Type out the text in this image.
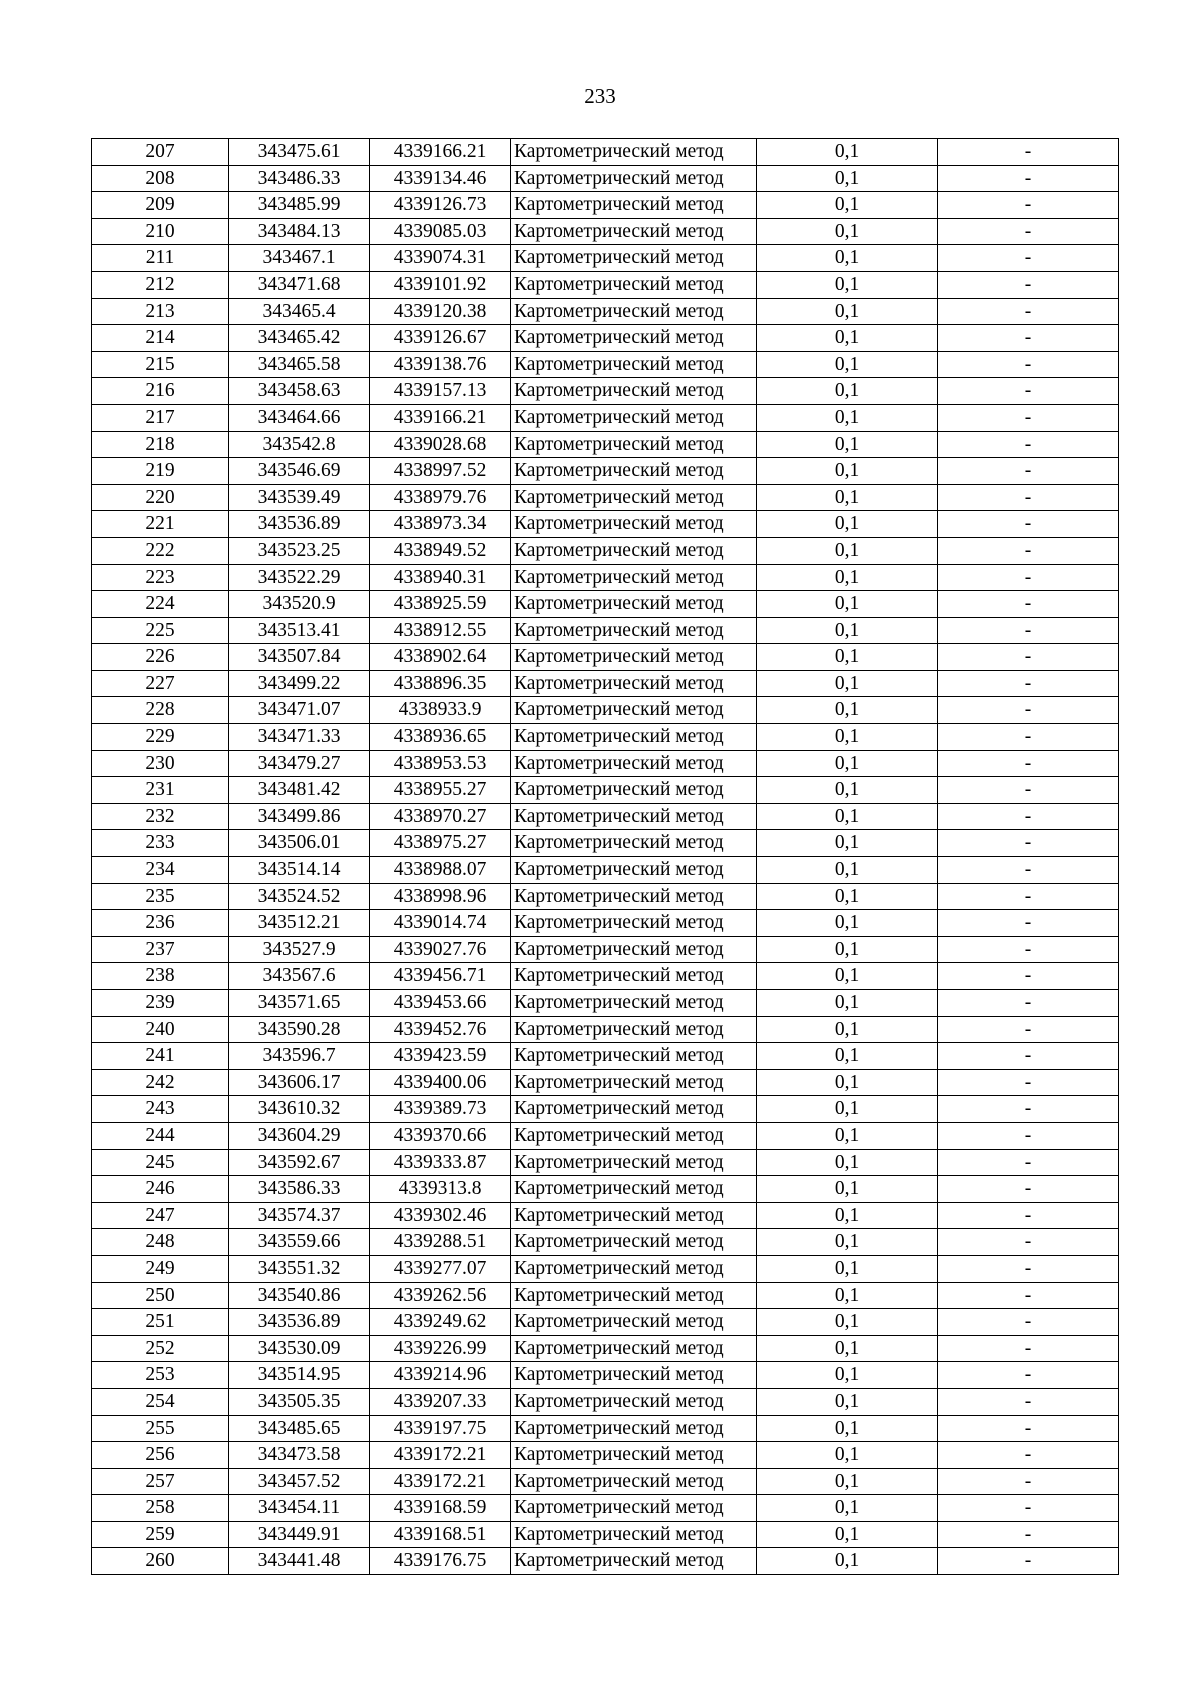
233
207	343475.61	4339166.21	Картометрический метод	0,1	-
208	343486.33	4339134.46	Картометрический метод	0,1	-
209	343485.99	4339126.73	Картометрический метод	0,1	-
210	343484.13	4339085.03	Картометрический метод	0,1	-
211	343467.1	4339074.31	Картометрический метод	0,1	-
212	343471.68	4339101.92	Картометрический метод	0,1	-
213	343465.4	4339120.38	Картометрический метод	0,1	-
214	343465.42	4339126.67	Картометрический метод	0,1	-
215	343465.58	4339138.76	Картометрический метод	0,1	-
216	343458.63	4339157.13	Картометрический метод	0,1	-
217	343464.66	4339166.21	Картометрический метод	0,1	-
218	343542.8	4339028.68	Картометрический метод	0,1	-
219	343546.69	4338997.52	Картометрический метод	0,1	-
220	343539.49	4338979.76	Картометрический метод	0,1	-
221	343536.89	4338973.34	Картометрический метод	0,1	-
222	343523.25	4338949.52	Картометрический метод	0,1	-
223	343522.29	4338940.31	Картометрический метод	0,1	-
224	343520.9	4338925.59	Картометрический метод	0,1	-
225	343513.41	4338912.55	Картометрический метод	0,1	-
226	343507.84	4338902.64	Картометрический метод	0,1	-
227	343499.22	4338896.35	Картометрический метод	0,1	-
228	343471.07	4338933.9	Картометрический метод	0,1	-
229	343471.33	4338936.65	Картометрический метод	0,1	-
230	343479.27	4338953.53	Картометрический метод	0,1	-
231	343481.42	4338955.27	Картометрический метод	0,1	-
232	343499.86	4338970.27	Картометрический метод	0,1	-
233	343506.01	4338975.27	Картометрический метод	0,1	-
234	343514.14	4338988.07	Картометрический метод	0,1	-
235	343524.52	4338998.96	Картометрический метод	0,1	-
236	343512.21	4339014.74	Картометрический метод	0,1	-
237	343527.9	4339027.76	Картометрический метод	0,1	-
238	343567.6	4339456.71	Картометрический метод	0,1	-
239	343571.65	4339453.66	Картометрический метод	0,1	-
240	343590.28	4339452.76	Картометрический метод	0,1	-
241	343596.7	4339423.59	Картометрический метод	0,1	-
242	343606.17	4339400.06	Картометрический метод	0,1	-
243	343610.32	4339389.73	Картометрический метод	0,1	-
244	343604.29	4339370.66	Картометрический метод	0,1	-
245	343592.67	4339333.87	Картометрический метод	0,1	-
246	343586.33	4339313.8	Картометрический метод	0,1	-
247	343574.37	4339302.46	Картометрический метод	0,1	-
248	343559.66	4339288.51	Картометрический метод	0,1	-
249	343551.32	4339277.07	Картометрический метод	0,1	-
250	343540.86	4339262.56	Картометрический метод	0,1	-
251	343536.89	4339249.62	Картометрический метод	0,1	-
252	343530.09	4339226.99	Картометрический метод	0,1	-
253	343514.95	4339214.96	Картометрический метод	0,1	-
254	343505.35	4339207.33	Картометрический метод	0,1	-
255	343485.65	4339197.75	Картометрический метод	0,1	-
256	343473.58	4339172.21	Картометрический метод	0,1	-
257	343457.52	4339172.21	Картометрический метод	0,1	-
258	343454.11	4339168.59	Картометрический метод	0,1	-
259	343449.91	4339168.51	Картометрический метод	0,1	-
260	343441.48	4339176.75	Картометрический метод	0,1	-
